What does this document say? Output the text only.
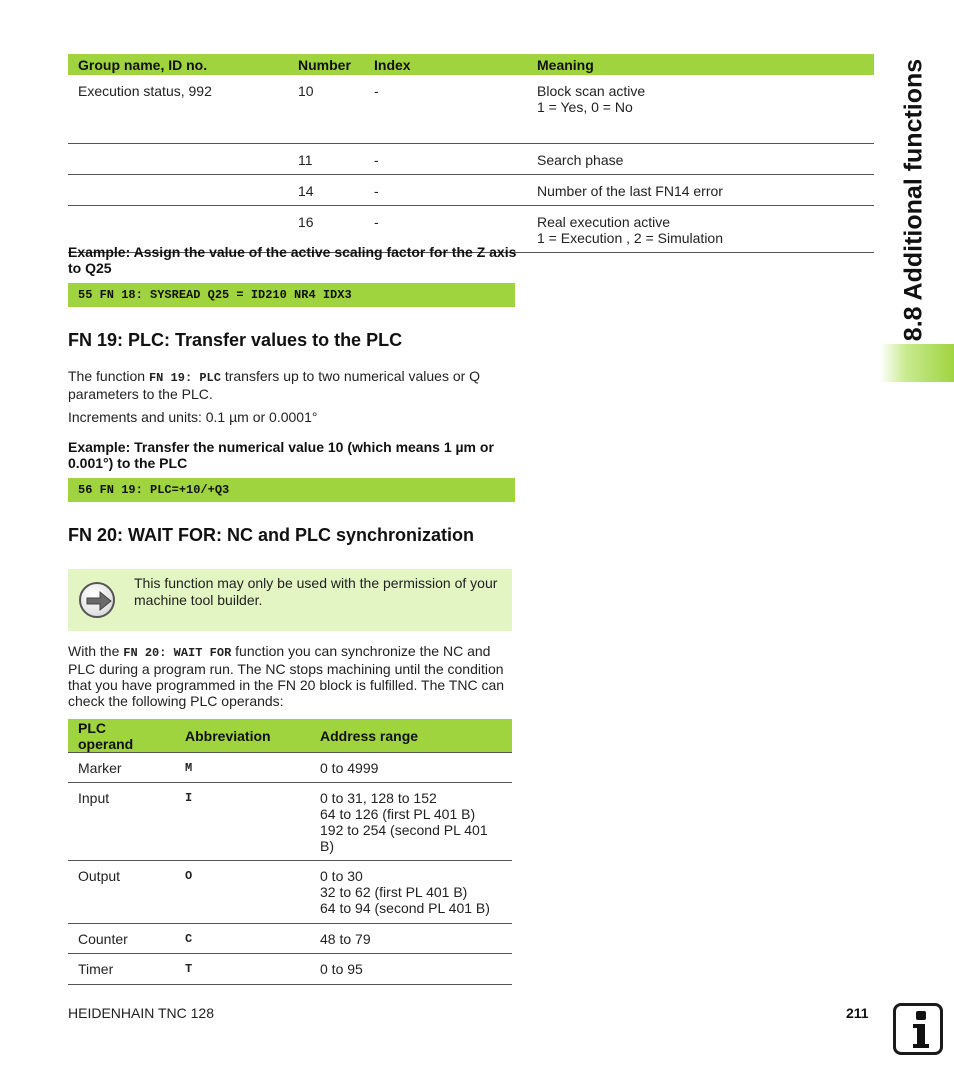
8.8 Additional functions
Group name, ID no.	Number	Index	Meaning
Execution status, 992	10	-	Block scan active
1 = Yes, 0 = No

	11	-	Search phase
	14	-	Number of the last FN14 error
	16	-	Real execution active
1 = Execution , 2 = Simulation
Example: Assign the value of the active scaling factor for the Z axis to Q25
55 FN 18: SYSREAD Q25 = ID210 NR4 IDX3
FN 19: PLC: Transfer values to the PLC
The function FN 19: PLC transfers up to two numerical values or Q parameters to the PLC.
Increments and units: 0.1 µm or 0.0001°
Example: Transfer the numerical value 10 (which means 1 µm or 0.001°) to the PLC
56 FN 19: PLC=+10/+Q3
FN 20: WAIT FOR: NC and PLC synchronization
This function may only be used with the permission of your machine tool builder.
With the FN 20: WAIT FOR function you can synchronize the NC and PLC during a program run. The NC stops machining until the condition that you have programmed in the FN 20 block is fulfilled. The TNC can check the following PLC operands:
PLC operand	Abbreviation	Address range
Marker	M	0 to 4999

Input	I	0 to 31, 128 to 152
64 to 126 (first PL 401 B)
192 to 254 (second PL 401 B)

Output	O	0 to 30
32 to 62 (first PL 401 B)
64 to 94 (second PL 401 B)

Counter	C	48 to 79

Timer	T	0 to 95
HEIDENHAIN TNC 128	211
